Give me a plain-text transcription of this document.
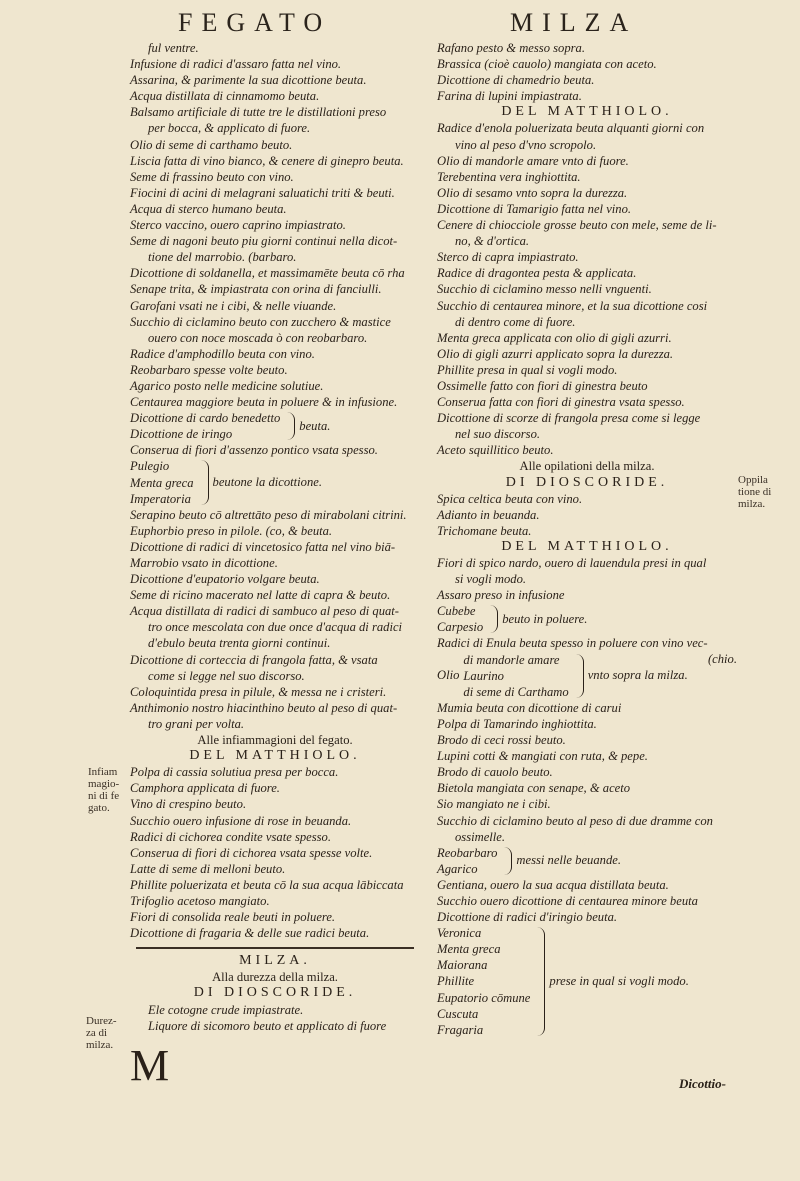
FEGATO	MILZA
ful ventre.
Infusione di radici d'assaro fatta nel vino.
Assarina, & parimente la sua dicottione beuta.
Acqua distillata di cinnamomo beuta.
Balsamo artificiale di tutte tre le distillationi preso
per bocca, & applicato di fuore.
Olio di seme di carthamo beuto.
Liscia fatta di vino bianco, & cenere di ginepro beuta.
Seme di frassino beuto con vino.
Fiocini di acini di melagrani saluatichi triti & beuti.
Acqua di sterco humano beuta.
Sterco vaccino, ouero caprino impiastrato.
Seme di nagoni beuto piu giorni continui nella dicot-
tione del marrobio. (barbaro.
Dicottione di soldanella, et massimamēte beuta cō rha
Senape trita, & impiastrata con orina di fanciulli.
Garofani vsati ne i cibi, & nelle viuande.
Succhio di ciclamino beuto con zucchero & mastice
ouero con noce moscada ò con reobarbaro.
Radice d'amphodillo beuta con vino.
Reobarbaro spesse volte beuto.
Agarico posto nelle medicine solutiue.
Centaurea maggiore beuta in poluere & in infusione.
Dicottione di cardo benedetto
Dicottione de iringo
beuta.
Conserua di fiori d'assenzo pontico vsata spesso.
Pulegio
Menta greca
Imperatoria
beutone la dicottione.
Serapino beuto cō altrettāto peso di mirabolani citrini.
Euphorbio preso in pilole. (co, & beuta.
Dicottione di radici di vincetosico fatta nel vino biā-
Marrobio vsato in dicottione.
Dicottione d'eupatorio volgare beuta.
Seme di ricino macerato nel latte di capra & beuto.
Acqua distillata di radici di sambuco al peso di quat-
tro once mescolata con due once d'acqua di radici
d'ebulo beuta trenta giorni continui.
Dicottione di corteccia di frangola fatta, & vsata
come si legge nel suo discorso.
Coloquintida presa in pilule, & messa ne i cristeri.
Anthimonio nostro hiacinthino beuto al peso di quat-
tro grani per volta.
Alle infiammagioni del fegato.
DEL MATTHIOLO.
Polpa di cassia solutiua presa per bocca.
Camphora applicata di fuore.
Vino di crespino beuto.
Succhio ouero infusione di rose in beuanda.
Radici di cichorea condite vsate spesso.
Conserua di fiori di cichorea vsata spesse volte.
Latte di seme di melloni beuto.
Phillite poluerizata et beuta cō la sua acqua lābiccata
Trifoglio acetoso mangiato.
Fiori di consolida reale beuti in poluere.
Dicottione di fragaria & delle sue radici beuta.
MILZA.
Alla durezza della milza.
DI DIOSCORIDE.
Ele cotogne crude impiastrate.
Liquore di sicomoro beuto et applicato di fuore
M
Rafano pesto & messo sopra.
Brassica (cioè cauolo) mangiata con aceto.
Dicottione di chamedrio beuta.
Farina di lupini impiastrata.
DEL MATTHIOLO.
Radice d'enola poluerizata beuta alquanti giorni con
vino al peso d'vno scropolo.
Olio di mandorle amare vnto di fuore.
Terebentina vera inghiottita.
Olio di sesamo vnto sopra la durezza.
Dicottione di Tamarigio fatta nel vino.
Cenere di chiocciole grosse beuto con mele, seme de li-
no, & d'ortica.
Sterco di capra impiastrato.
Radice di dragontea pesta & applicata.
Succhio di ciclamino messo nelli vnguenti.
Succhio di centaurea minore, et la sua dicottione cosi
di dentro come di fuore.
Menta greca applicata con olio di gigli azurri.
Olio di gigli azurri applicato sopra la durezza.
Phillite presa in qual si vogli modo.
Ossimelle fatto con fiori di ginestra beuto
Conserua fatta con fiori di ginestra vsata spesso.
Dicottione di scorze di frangola presa come si legge
nel suo discorso.
Aceto squillitico beuto.
Alle opilationi della milza.
DI DIOSCORIDE.
Spica celtica beuta con vino.
Adianto in beuanda.
Trichomane beuta.
DEL MATTHIOLO.
Fiori di spico nardo, ouero di lauendula presi in qual
si vogli modo.
Assaro preso in infusione
Cubebe
Carpesio
beuto in poluere.
Radici di Enula beuta spesso in poluere con vino vec-
Olio
di mandorle amare
Laurino
di seme di Carthamo
vnto sopra la milza.
(chio.
Mumia beuta con dicottione di carui
Polpa di Tamarindo inghiottita.
Brodo di ceci rossi beuto.
Lupini cotti & mangiati con ruta, & pepe.
Brodo di cauolo beuto.
Bietola mangiata con senape, & aceto
Sio mangiato ne i cibi.
Succhio di ciclamino beuto al peso di due dramme con
ossimelle.
Reobarbaro
Agarico
messi nelle beuande.
Gentiana, ouero la sua acqua distillata beuta.
Succhio ouero dicottione di centaurea minore beuta
Dicottione di radici d'iringio beuta.
Veronica
Menta greca
Maiorana
Phillite
Eupatorio cōmune
Cuscuta
Fragaria
prese in qual si vogli modo.
Dicottio-
Infiam
magio-
ni di fe
gato.
Durez-
za di
milza.
Oppila
tione di
milza.
